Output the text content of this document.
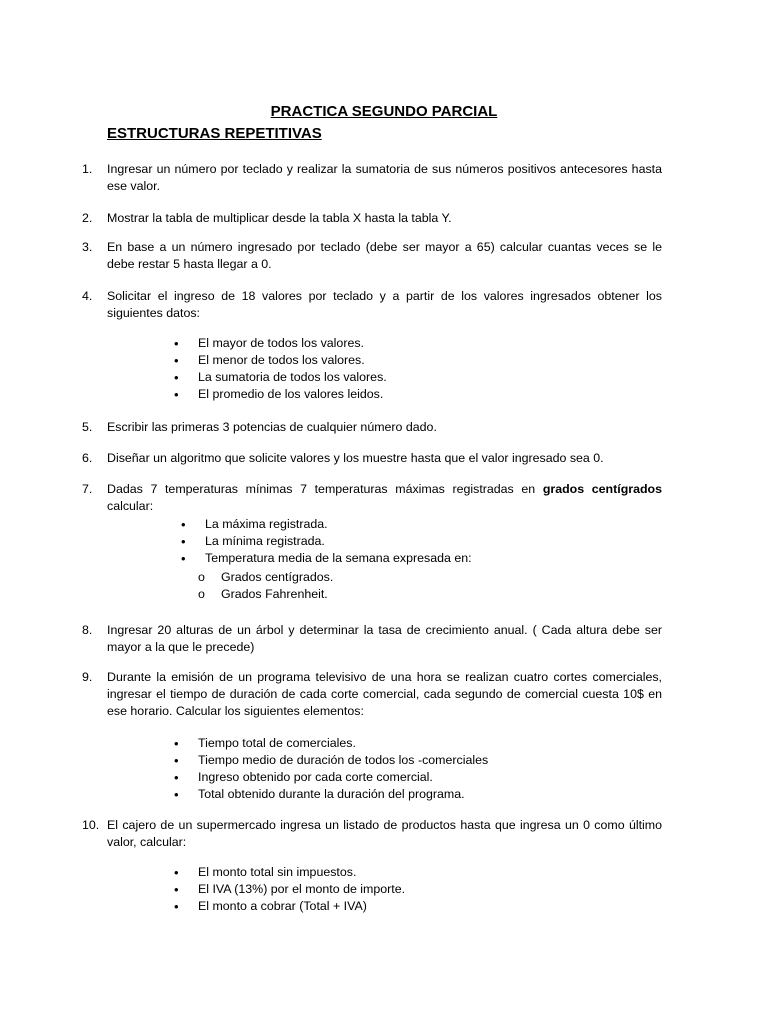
PRACTICA SEGUNDO PARCIAL

ESTRUCTURAS REPETITIVAS

1. Ingresar un número por teclado y realizar la sumatoria de sus números positivos antecesores hasta ese valor.
2. Mostrar la tabla de multiplicar desde la tabla X hasta la tabla Y.
3. En base a un número ingresado por teclado (debe ser mayor a 65) calcular cuantas veces se le debe restar 5 hasta llegar a 0.
4. Solicitar el ingreso de 18 valores por teclado y a partir de los valores ingresados obtener los siguientes datos:
• El mayor de todos los valores.
• El menor de todos los valores.
• La sumatoria de todos los valores.
• El promedio de los valores leidos.
5. Escribir las primeras 3 potencias de cualquier número dado.
6. Diseñar un algoritmo que solicite valores y los muestre hasta que el valor ingresado sea 0.
7. Dadas 7 temperaturas mínimas 7 temperaturas máximas registradas en grados centígrados calcular:
• La máxima registrada.
• La mínima registrada.
• Temperatura media de la semana expresada en:
o Grados centígrados.
o Grados Fahrenheit.
8. Ingresar 20 alturas de un árbol y determinar la tasa de crecimiento anual. ( Cada altura debe ser mayor a la que le precede)
9. Durante la emisión de un programa televisivo de una hora se realizan cuatro cortes comerciales, ingresar el tiempo de duración de cada corte comercial, cada segundo de comercial cuesta 10$ en ese horario. Calcular los siguientes elementos:
• Tiempo total de comerciales.
• Tiempo medio de duración de todos los -comerciales
• Ingreso obtenido por cada corte comercial.
• Total obtenido durante la duración del programa.
10. El cajero de un supermercado ingresa un listado de productos hasta que ingresa un 0 como último valor, calcular:
• El monto total sin impuestos.
• El IVA (13%) por el monto de importe.
• El monto a cobrar (Total + IVA)
